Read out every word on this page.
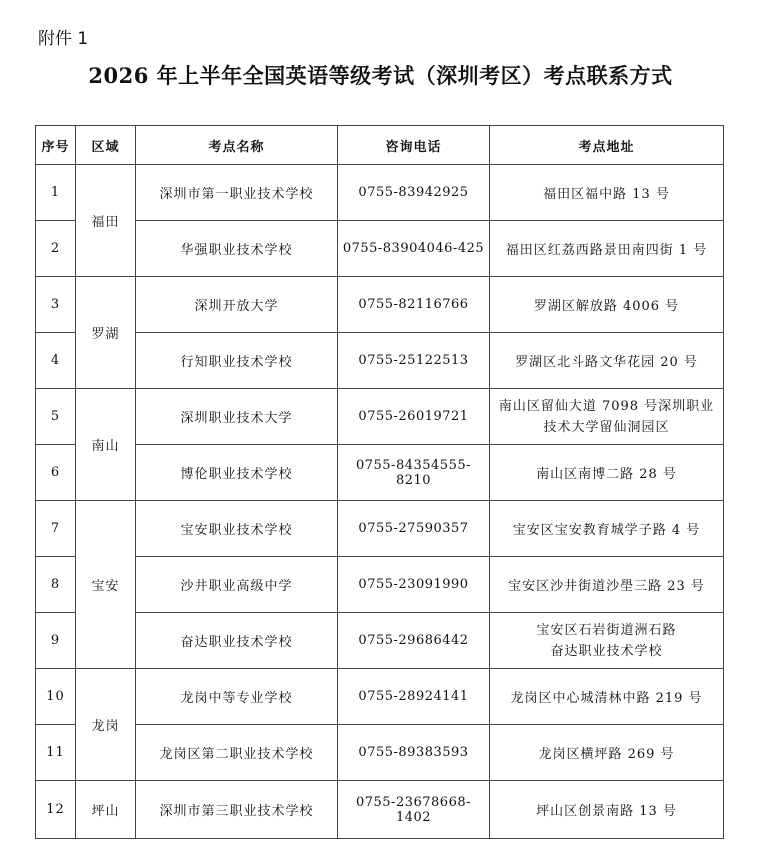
附件 1
2026 年上半年全国英语等级考试（深圳考区）考点联系方式
序号	区域	考点名称	咨询电话	考点地址
1	福田	深圳市第一职业技术学校	0755-83942925	福田区福中路 13 号
2		华强职业技术学校	0755-83904046-425	福田区红荔西路景田南四街 1 号
3	罗湖	深圳开放大学	0755-82116766	罗湖区解放路 4006 号
4		行知职业技术学校	0755-25122513	罗湖区北斗路文华花园 20 号
5	南山	深圳职业技术大学	0755-26019721	南山区留仙大道 7098 号深圳职业
技术大学留仙洞园区

6		博伦职业技术学校	0755-84354555-8210	南山区南博二路 28 号
7	宝安	宝安职业技术学校	0755-27590357	宝安区宝安教育城学子路 4 号
8		沙井职业高级中学	0755-23091990	宝安区沙井街道沙壆三路 23 号
9		奋达职业技术学校	0755-29686442	宝安区石岩街道洲石路
奋达职业技术学校

10	龙岗	龙岗中等专业学校	0755-28924141	龙岗区中心城清林中路 219 号
11		龙岗区第二职业技术学校	0755-89383593	龙岗区横坪路 269 号
12	坪山	深圳市第三职业技术学校	0755-23678668-1402	坪山区创景南路 13 号
